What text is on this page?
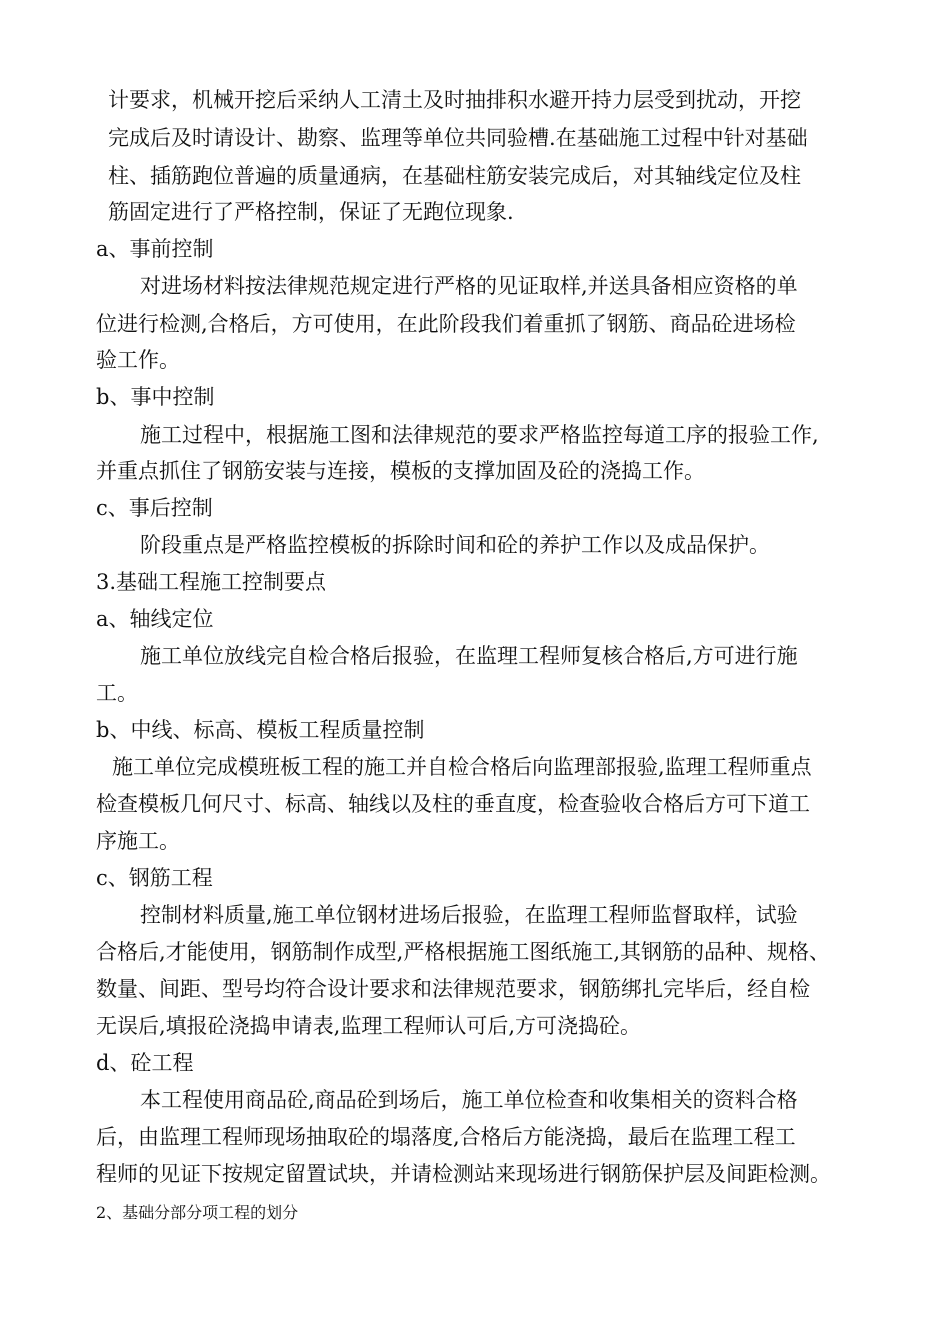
计要求，机械开挖后采纳人工清土及时抽排积水避开持力层受到扰动，开挖

完成后及时请设计、勘察、监理等单位共同验槽.在基础施工过程中针对基础

柱、插筋跑位普遍的质量通病，在基础柱筋安装完成后，对其轴线定位及柱

筋固定进行了严格控制，保证了无跑位现象.

a、事前控制

对进场材料按法律规范规定进行严格的见证取样,并送具备相应资格的单

位进行检测,合格后，方可使用，在此阶段我们着重抓了钢筋、商品砼进场检

验工作。

b、事中控制

施工过程中，根据施工图和法律规范的要求严格监控每道工序的报验工作,

并重点抓住了钢筋安装与连接，模板的支撑加固及砼的浇捣工作。

c、事后控制

阶段重点是严格监控模板的拆除时间和砼的养护工作以及成品保护。

3.基础工程施工控制要点

a、轴线定位

施工单位放线完自检合格后报验，在监理工程师复核合格后,方可进行施

工。

b、中线、标高、模板工程质量控制

施工单位完成模班板工程的施工并自检合格后向监理部报验,监理工程师重点

检查模板几何尺寸、标高、轴线以及柱的垂直度，检查验收合格后方可下道工

序施工。

c、钢筋工程

控制材料质量,施工单位钢材进场后报验，在监理工程师监督取样，试验

合格后,才能使用，钢筋制作成型,严格根据施工图纸施工,其钢筋的品种、规格、

数量、间距、型号均符合设计要求和法律规范要求，钢筋绑扎完毕后，经自检

无误后,填报砼浇捣申请表,监理工程师认可后,方可浇捣砼。

d、砼工程

本工程使用商品砼,商品砼到场后，施工单位检查和收集相关的资料合格

后，由监理工程师现场抽取砼的塌落度,合格后方能浇捣，最后在监理工程工

程师的见证下按规定留置试块，并请检测站来现场进行钢筋保护层及间距检测。

2、基础分部分项工程的划分
